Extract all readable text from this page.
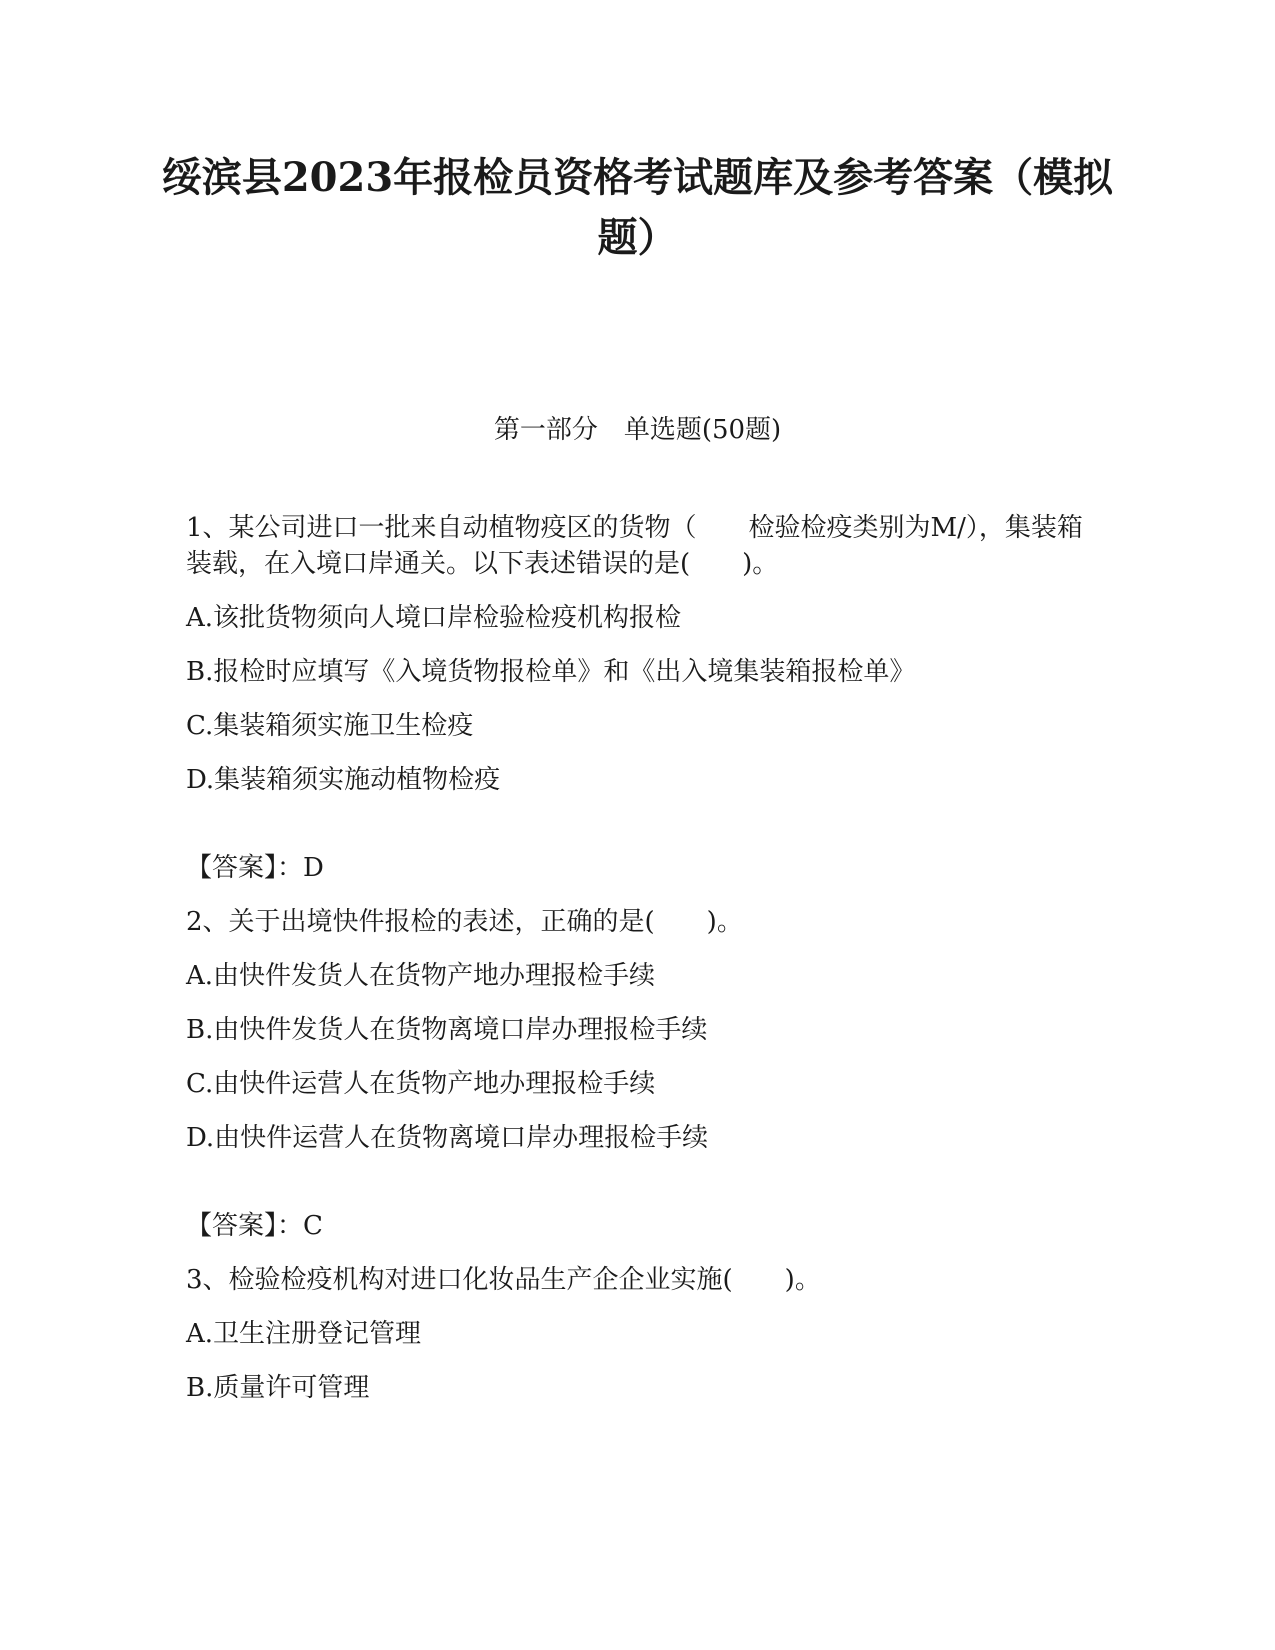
绥滨县2023年报检员资格考试题库及参考答案（模拟题）
第一部分　单选题(50题)

1、某公司进口一批来自动植物疫区的货物（　　检验检疫类别为M/），集装箱装载，在入境口岸通关。以下表述错误的是(　　)。

A.该批货物须向人境口岸检验检疫机构报检

B.报检时应填写《入境货物报检单》和《出入境集装箱报检单》

C.集装箱须实施卫生检疫

D.集装箱须实施动植物检疫

【答案】：D

2、关于出境快件报检的表述，正确的是(　　)。

A.由快件发货人在货物产地办理报检手续

B.由快件发货人在货物离境口岸办理报检手续

C.由快件运营人在货物产地办理报检手续

D.由快件运营人在货物离境口岸办理报检手续

【答案】：C

3、检验检疫机构对进口化妆品生产企企业实施(　　)。

A.卫生注册登记管理

B.质量许可管理
